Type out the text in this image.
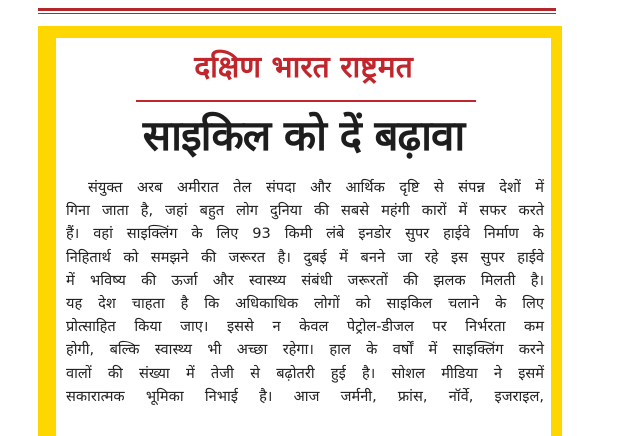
दक्षिण भारत राष्ट्रमत
साइकिल को दें बढ़ावा
संयुक्त अरब अमीरात तेल संपदा और आर्थिक दृष्टि से संपन्न देशों में
गिना जाता है, जहां बहुत लोग दुनिया की सबसे महंगी कारों में सफर करते
हैं। वहां साइक्लिंग के लिए 93 किमी लंबे इनडोर सुपर हाईवे निर्माण के
निहितार्थ को समझने की जरूरत है। दुबई में बनने जा रहे इस सुपर हाईवे
में भविष्य की ऊर्जा और स्वास्थ्य संबंधी जरूरतों की झलक मिलती है।
यह देश चाहता है कि अधिकाधिक लोगों को साइकिल चलाने के लिए
प्रोत्साहित किया जाए। इससे न केवल पेट्रोल-डीजल पर निर्भरता कम
होगी, बल्कि स्वास्थ्य भी अच्छा रहेगा। हाल के वर्षों में साइक्लिंग करने
वालों की संख्या में तेजी से बढ़ोतरी हुई है। सोशल मीडिया ने इसमें
सकारात्मक भूमिका निभाई है। आज जर्मनी, फ्रांस, नॉर्वे, इजराइल,
